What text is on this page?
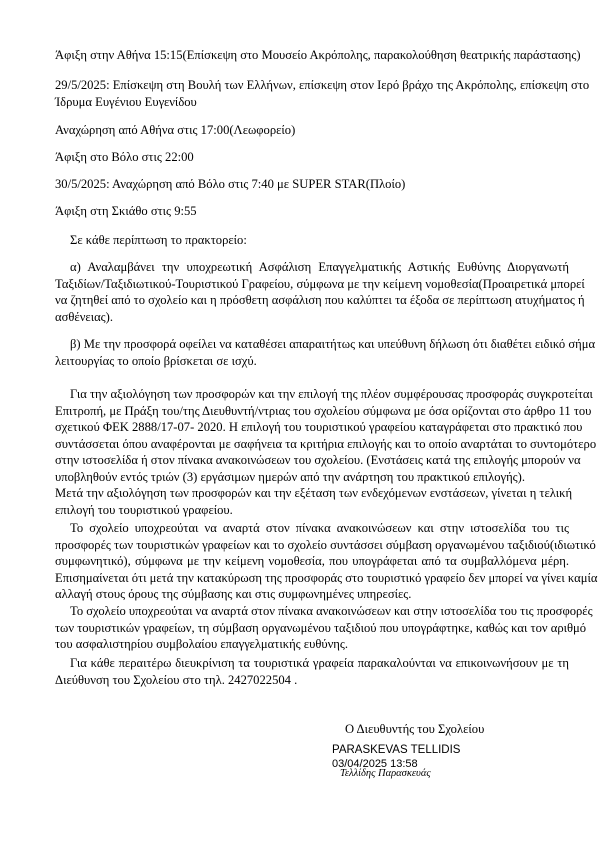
Άφιξη στην Αθήνα 15:15(Επίσκεψη στο Μουσείο Ακρόπολης, παρακολούθηση θεατρικής παράστασης)
29/5/2025: Επίσκεψη στη Βουλή των Ελλήνων, επίσκεψη στον Ιερό βράχο της Ακρόπολης, επίσκεψη στο
Ίδρυμα Ευγένιου Ευγενίδου
Αναχώρηση από Αθήνα στις 17:00(Λεωφορείο)
Άφιξη στο Βόλο στις 22:00
30/5/2025: Αναχώρηση από Βόλο στις 7:40 με SUPER STAR(Πλοίο)
Άφιξη στη Σκιάθο στις 9:55
Σε κάθε περίπτωση το πρακτορείο:
α) Αναλαμβάνει την υποχρεωτική Ασφάλιση Επαγγελματικής Αστικής Ευθύνης Διοργανωτή
Ταξιδίων/Ταξιδιωτικού-Τουριστικού Γραφείου, σύμφωνα με την κείμενη νομοθεσία(Προαιρετικά μπορεί
να ζητηθεί από το σχολείο και η πρόσθετη ασφάλιση που καλύπτει τα έξοδα σε περίπτωση ατυχήματος ή
ασθένειας).
β) Με την προσφορά οφείλει να καταθέσει απαραιτήτως και υπεύθυνη δήλωση ότι διαθέτει ειδικό σήμα
λειτουργίας το οποίο βρίσκεται σε ισχύ.
Για την αξιολόγηση των προσφορών και την επιλογή της πλέον συμφέρουσας προσφοράς συγκροτείται
Επιτροπή, με Πράξη του/της Διευθυντή/ντριας του σχολείου σύμφωνα με όσα ορίζονται στο άρθρο 11 του
σχετικού ΦΕΚ 2888/17-07- 2020. Η επιλογή του τουριστικού γραφείου καταγράφεται στο πρακτικό που
συντάσσεται όπου αναφέρονται με σαφήνεια τα κριτήρια επιλογής και το οποίο αναρτάται το συντομότερο
στην ιστοσελίδα ή στον πίνακα ανακοινώσεων του σχολείου. (Ενστάσεις κατά της επιλογής μπορούν να
υποβληθούν εντός τριών (3) εργάσιμων ημερών από την ανάρτηση του πρακτικού επιλογής).
Μετά την αξιολόγηση των προσφορών και την εξέταση των ενδεχόμενων ενστάσεων, γίνεται η τελική
επιλογή του τουριστικού γραφείου.
Το σχολείο υποχρεούται να αναρτά στον πίνακα ανακοινώσεων και στην ιστοσελίδα του τις
προσφορές των τουριστικών γραφείων και το σχολείο συντάσσει σύμβαση οργανωμένου ταξιδιού(ιδιωτικό
συμφωνητικό), σύμφωνα με την κείμενη νομοθεσία, που υπογράφεται από τα συμβαλλόμενα μέρη.
Επισημαίνεται ότι μετά την κατακύρωση της προσφοράς στο τουριστικό γραφείο δεν μπορεί να γίνει καμία
αλλαγή στους όρους της σύμβασης και στις συμφωνημένες υπηρεσίες.
Το σχολείο υποχρεούται να αναρτά στον πίνακα ανακοινώσεων και στην ιστοσελίδα του τις προσφορές
των τουριστικών γραφείων, τη σύμβαση οργανωμένου ταξιδιού που υπογράφτηκε, καθώς και τον αριθμό
του ασφαλιστηρίου συμβολαίου επαγγελματικής ευθύνης.
Για κάθε περαιτέρω διευκρίνιση τα τουριστικά γραφεία παρακαλούνται να επικοινωνήσουν με τη
Διεύθυνση του Σχολείου στο τηλ. 2427022504 .
Ο Διευθυντής του Σχολείου
PARASKEVAS TELLIDIS
03/04/2025 13:58
Τελλίδης Παρασκευάς
